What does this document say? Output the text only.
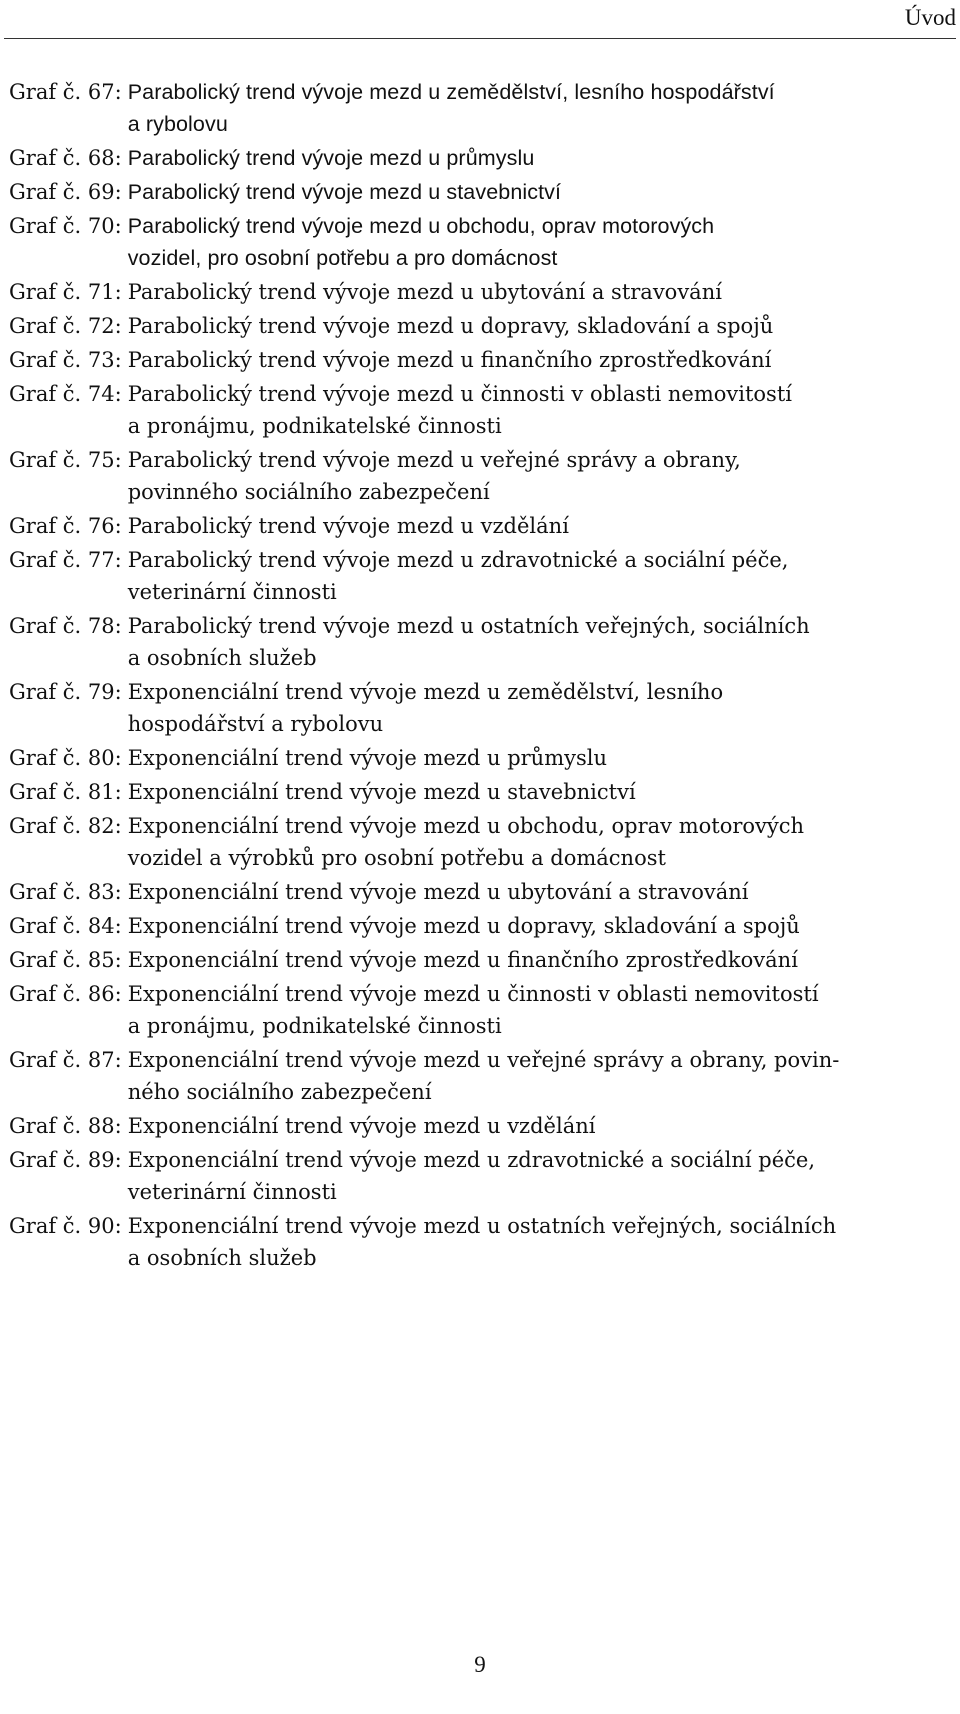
Úvod
Graf č. 67: Parabolický trend vývoje mezd u zemědělství, lesního hospodářství
a rybolovu
Graf č. 68: Parabolický trend vývoje mezd u průmyslu
Graf č. 69: Parabolický trend vývoje mezd u stavebnictví
Graf č. 70: Parabolický trend vývoje mezd u obchodu, oprav motorových
vozidel, pro osobní potřebu a pro domácnost
Graf č. 71: Parabolický trend vývoje mezd u ubytování a stravování
Graf č. 72: Parabolický trend vývoje mezd u dopravy, skladování a spojů
Graf č. 73: Parabolický trend vývoje mezd u finančního zprostředkování
Graf č. 74: Parabolický trend vývoje mezd u činnosti v oblasti nemovitostí
a pronájmu, podnikatelské činnosti
Graf č. 75: Parabolický trend vývoje mezd u veřejné správy a obrany,
povinného sociálního zabezpečení
Graf č. 76: Parabolický trend vývoje mezd u vzdělání
Graf č. 77: Parabolický trend vývoje mezd u zdravotnické a sociální péče,
veterinární činnosti
Graf č. 78: Parabolický trend vývoje mezd u ostatních veřejných, sociálních
a osobních služeb
Graf č. 79: Exponenciální trend vývoje mezd u zemědělství, lesního
hospodářství a rybolovu
Graf č. 80: Exponenciální trend vývoje mezd u průmyslu
Graf č. 81: Exponenciální trend vývoje mezd u stavebnictví
Graf č. 82: Exponenciální trend vývoje mezd u obchodu, oprav motorových
vozidel a výrobků pro osobní potřebu a domácnost
Graf č. 83: Exponenciální trend vývoje mezd u ubytování a stravování
Graf č. 84: Exponenciální trend vývoje mezd u dopravy, skladování a spojů
Graf č. 85: Exponenciální trend vývoje mezd u finančního zprostředkování
Graf č. 86: Exponenciální trend vývoje mezd u činnosti v oblasti nemovitostí
a pronájmu, podnikatelské činnosti
Graf č. 87: Exponenciální trend vývoje mezd u veřejné správy a obrany, povin-
ného sociálního zabezpečení
Graf č. 88: Exponenciální trend vývoje mezd u vzdělání
Graf č. 89: Exponenciální trend vývoje mezd u zdravotnické a sociální péče,
veterinární činnosti
Graf č. 90: Exponenciální trend vývoje mezd u ostatních veřejných, sociálních
a osobních služeb
9
